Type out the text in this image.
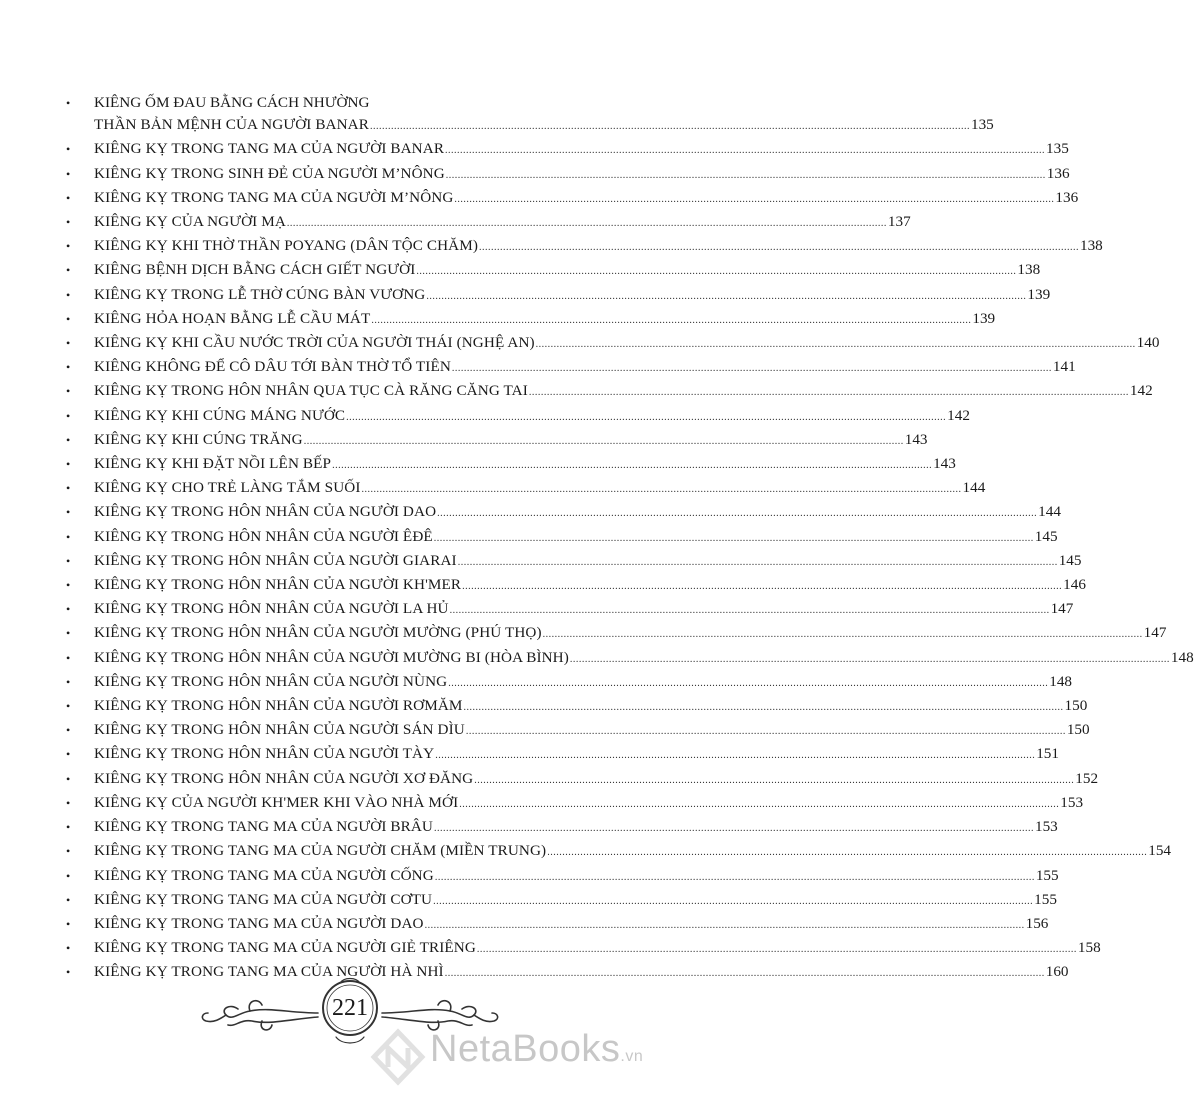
• KIÊNG ỐM ĐAU BẰNG CÁCH NHƯỜNG
THẦN BẢN MỆNH CỦA NGƯỜI BANAR ........................................................................................................................................................................................................ 135
• KIÊNG KỴ TRONG TANG MA CỦA NGƯỜI BANAR ........................................................................................................................................................................................................ 135
• KIÊNG KỴ TRONG SINH ĐẺ CỦA NGƯỜI M’NÔNG ........................................................................................................................................................................................................ 136
• KIÊNG KỴ TRONG TANG MA CỦA NGƯỜI M’NÔNG ........................................................................................................................................................................................................ 136
• KIÊNG KỴ CỦA NGƯỜI MẠ ........................................................................................................................................................................................................ 137
• KIÊNG KỴ KHI THỜ THẦN POYANG (DÂN TỘC CHĂM) ........................................................................................................................................................................................................ 138
• KIÊNG BỆNH DỊCH BẰNG CÁCH GIẾT NGƯỜI ........................................................................................................................................................................................................ 138
• KIÊNG KỴ TRONG LỄ THỜ CÚNG BÀN VƯƠNG ........................................................................................................................................................................................................ 139
• KIÊNG HỎA HOẠN BẰNG LỄ CẦU MÁT ........................................................................................................................................................................................................ 139
• KIÊNG KỴ KHI CẦU NƯỚC TRỜI CỦA NGƯỜI THÁI (NGHỆ AN) ........................................................................................................................................................................................................ 140
• KIÊNG KHÔNG ĐỂ CÔ DÂU TỚI BÀN THỜ TỔ TIÊN ........................................................................................................................................................................................................ 141
• KIÊNG KỴ TRONG HÔN NHÂN QUA TỤC CÀ RĂNG CĂNG TAI ........................................................................................................................................................................................................ 142
• KIÊNG KỴ KHI CÚNG MÁNG NƯỚC ........................................................................................................................................................................................................ 142
• KIÊNG KỴ KHI CÚNG TRĂNG ........................................................................................................................................................................................................ 143
• KIÊNG KỴ KHI ĐẶT NỒI LÊN BẾP ........................................................................................................................................................................................................ 143
• KIÊNG KỴ CHO TRẺ LÀNG TẮM SUỐI ........................................................................................................................................................................................................ 144
• KIÊNG KỴ TRONG HÔN NHÂN CỦA NGƯỜI DAO ........................................................................................................................................................................................................ 144
• KIÊNG KỴ TRONG HÔN NHÂN CỦA NGƯỜI ÊĐÊ ........................................................................................................................................................................................................ 145
• KIÊNG KỴ TRONG HÔN NHÂN CỦA NGƯỜI GIARAI ........................................................................................................................................................................................................ 145
• KIÊNG KỴ TRONG HÔN NHÂN CỦA NGƯỜI KH'MER ........................................................................................................................................................................................................ 146
• KIÊNG KỴ TRONG HÔN NHÂN CỦA NGƯỜI LA HỦ ........................................................................................................................................................................................................ 147
• KIÊNG KỴ TRONG HÔN NHÂN CỦA NGƯỜI MƯỜNG (PHÚ THỌ) ........................................................................................................................................................................................................ 147
• KIÊNG KỴ TRONG HÔN NHÂN CỦA NGƯỜI MƯỜNG BI (HÒA BÌNH) ........................................................................................................................................................................................................ 148
• KIÊNG KỴ TRONG HÔN NHÂN CỦA NGƯỜI NÙNG ........................................................................................................................................................................................................ 148
• KIÊNG KỴ TRONG HÔN NHÂN CỦA NGƯỜI RƠMĂM ........................................................................................................................................................................................................ 150
• KIÊNG KỴ TRONG HÔN NHÂN CỦA NGƯỜI SÁN DÌU ........................................................................................................................................................................................................ 150
• KIÊNG KỴ TRONG HÔN NHÂN CỦA NGƯỜI TÀY ........................................................................................................................................................................................................ 151
• KIÊNG KỴ TRONG HÔN NHÂN CỦA NGƯỜI XƠ ĐĂNG ........................................................................................................................................................................................................ 152
• KIÊNG KỴ CỦA NGƯỜI KH'MER KHI VÀO NHÀ MỚI ........................................................................................................................................................................................................ 153
• KIÊNG KỴ TRONG TANG MA CỦA NGƯỜI BRÂU ........................................................................................................................................................................................................ 153
• KIÊNG KỴ TRONG TANG MA CỦA NGƯỜI CHĂM (MIỀN TRUNG) ........................................................................................................................................................................................................ 154
• KIÊNG KỴ TRONG TANG MA CỦA NGƯỜI CỐNG ........................................................................................................................................................................................................ 155
• KIÊNG KỴ TRONG TANG MA CỦA NGƯỜI CƠTU ........................................................................................................................................................................................................ 155
• KIÊNG KỴ TRONG TANG MA CỦA NGƯỜI DAO ........................................................................................................................................................................................................ 156
• KIÊNG KỴ TRONG TANG MA CỦA NGƯỜI GIẺ TRIÊNG ........................................................................................................................................................................................................ 158
• KIÊNG KỴ TRONG TANG MA CỦA NGƯỜI HÀ NHÌ ........................................................................................................................................................................................................ 160
221
NetaBooks.vn
